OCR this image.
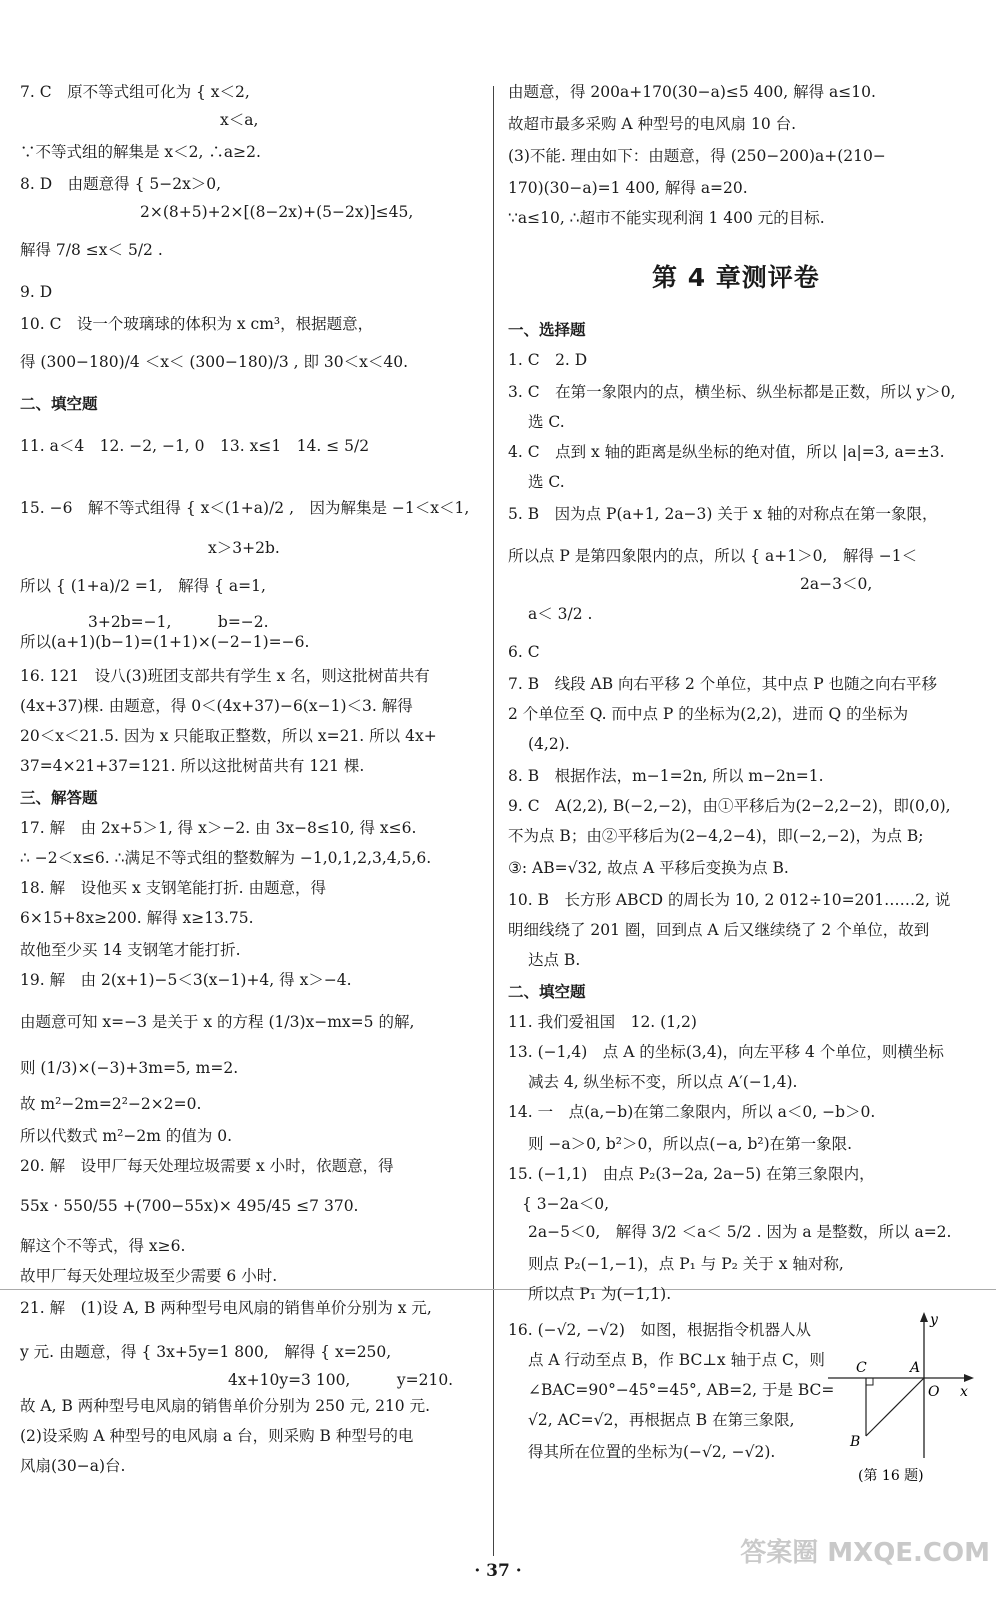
7. C　原不等式组可化为 { x＜2,
x＜a,
∵不等式组的解集是 x＜2, ∴a≥2.
8. D　由题意得 { 5−2x＞0,
2×(8+5)+2×[(8−2x)+(5−2x)]≤45,
解得 7/8 ≤x＜ 5/2 .
9. D
10. C　设一个玻璃球的体积为 x cm³，根据题意，
得 (300−180)/4 ＜x＜ (300−180)/3 , 即 30＜x＜40.
二、填空题
11. a＜4　12. −2, −1, 0　13. x≤1　14. ≤ 5/2
15. −6　解不等式组得 { x＜(1+a)/2 ,　因为解集是 −1＜x＜1,
x＞3+2b.
所以 { (1+a)/2 =1,　解得 { a=1,
3+2b=−1,　　　b=−2.
所以(a+1)(b−1)=(1+1)×(−2−1)=−6.
16. 121　设八(3)班团支部共有学生 x 名，则这批树苗共有
(4x+37)棵. 由题意，得 0＜(4x+37)−6(x−1)＜3. 解得
20＜x＜21.5. 因为 x 只能取正整数，所以 x=21. 所以 4x+
37=4×21+37=121. 所以这批树苗共有 121 棵.
三、解答题
17. 解　由 2x+5＞1, 得 x＞−2. 由 3x−8≤10, 得 x≤6.
∴ −2＜x≤6. ∴满足不等式组的整数解为 −1,0,1,2,3,4,5,6.
18. 解　设他买 x 支钢笔能打折. 由题意，得
6×15+8x≥200. 解得 x≥13.75.
故他至少买 14 支钢笔才能打折.
19. 解　由 2(x+1)−5＜3(x−1)+4, 得 x＞−4.
由题意可知 x=−3 是关于 x 的方程 (1/3)x−mx=5 的解,
则 (1/3)×(−3)+3m=5, m=2.
故 m²−2m=2²−2×2=0.
所以代数式 m²−2m 的值为 0.
20. 解　设甲厂每天处理垃圾需要 x 小时，依题意，得
55x · 550/55 +(700−55x)× 495/45 ≤7 370.
解这个不等式，得 x≥6.
故甲厂每天处理垃圾至少需要 6 小时.
21. 解　(1)设 A, B 两种型号电风扇的销售单价分别为 x 元,
y 元. 由题意，得 { 3x+5y=1 800,　解得 { x=250,
4x+10y=3 100,　　　y=210.
故 A, B 两种型号电风扇的销售单价分别为 250 元, 210 元.
(2)设采购 A 种型号的电风扇 a 台，则采购 B 种型号的电
风扇(30−a)台.
由题意，得 200a+170(30−a)≤5 400, 解得 a≤10.
故超市最多采购 A 种型号的电风扇 10 台.
(3)不能. 理由如下：由题意，得 (250−200)a+(210−
170)(30−a)=1 400, 解得 a=20.
∵a≤10, ∴超市不能实现利润 1 400 元的目标.
一、选择题
1. C　2. D
3. C　在第一象限内的点，横坐标、纵坐标都是正数，所以 y＞0,
选 C.
4. C　点到 x 轴的距离是纵坐标的绝对值，所以 |a|=3, a=±3.
选 C.
5. B　因为点 P(a+1, 2a−3) 关于 x 轴的对称点在第一象限，
所以点 P 是第四象限内的点，所以 { a+1＞0,　解得 −1＜
2a−3＜0,
a＜ 3/2 .
6. C
7. B　线段 AB 向右平移 2 个单位，其中点 P 也随之向右平移
2 个单位至 Q. 而中点 P 的坐标为(2,2)，进而 Q 的坐标为
(4,2).
8. B　根据作法，m−1=2n, 所以 m−2n=1.
9. C　A(2,2), B(−2,−2)，由①平移后为(2−2,2−2)，即(0,0),
不为点 B；由②平移后为(2−4,2−4)，即(−2,−2)，为点 B;
③: AB=√32, 故点 A 平移后变换为点 B.
10. B　长方形 ABCD 的周长为 10, 2 012÷10=201……2, 说
明细线绕了 201 圈，回到点 A 后又继续绕了 2 个单位，故到
达点 B.
二、填空题
11. 我们爱祖国　12. (1,2)
13. (−1,4)　点 A 的坐标(3,4)，向左平移 4 个单位，则横坐标
减去 4, 纵坐标不变，所以点 A′(−1,4).
14. 一　点(a,−b)在第二象限内，所以 a＜0, −b＞0.
则 −a＞0, b²＞0，所以点(−a, b²)在第一象限.
15. (−1,1)　由点 P₂(3−2a, 2a−5) 在第三象限内，
{ 3−2a＜0,
2a−5＜0,　解得 3/2 ＜a＜ 5/2 . 因为 a 是整数，所以 a=2.
则点 P₂(−1,−1)，点 P₁ 与 P₂ 关于 x 轴对称,
所以点 P₁ 为(−1,1).
16. (−√2, −√2)　如图，根据指令机器人从
点 A 行动至点 B，作 BC⊥x 轴于点 C，则
∠BAC=90°−45°=45°, AB=2, 于是 BC=
√2, AC=√2，再根据点 B 在第三象限,
得其所在位置的坐标为(−√2, −√2).
第 4 章测评卷
y
x
O
A
C
B
(第 16 题)
· 37 ·
答案圈 MXQE.COM
